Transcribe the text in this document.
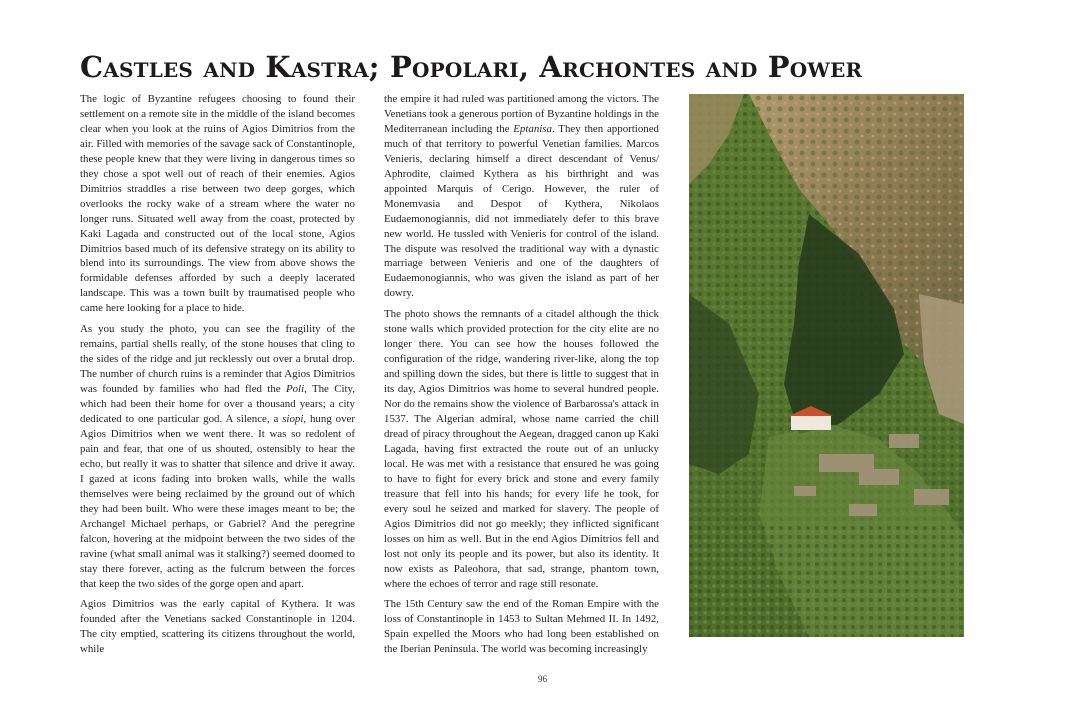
Castles and Kastra; Popolari, Archontes and Power

The logic of Byzantine refugees choosing to found their settlement on a remote site in the middle of the island becomes clear when you look at the ruins of Agios Dimitrios from the air. Filled with memories of the savage sack of Constantinople, these people knew that they were living in dangerous times so they chose a spot well out of reach of their enemies. Agios Dimitrios straddles a rise between two deep gorges, which overlooks the rocky wake of a stream where the water no longer runs. Situated well away from the coast, protected by Kaki Lagada and constructed out of the local stone, Agios Dimitrios based much of its defensive strategy on its ability to blend into its surroundings. The view from above shows the formidable defenses afforded by such a deeply lacerated landscape. This was a town built by traumatised people who came here looking for a place to hide.

As you study the photo, you can see the fragility of the remains, partial shells really, of the stone houses that cling to the sides of the ridge and jut recklessly out over a brutal drop. The number of church ruins is a reminder that Agios Dimitrios was founded by families who had fled the Poli, The City, which had been their home for over a thousand years; a city dedicated to one particular god. A silence, a siopi, hung over Agios Dimitrios when we went there. It was so redolent of pain and fear, that one of us shouted, ostensibly to hear the echo, but really it was to shatter that silence and drive it away. I gazed at icons fading into broken walls, while the walls themselves were being reclaimed by the ground out of which they had been built. Who were these images meant to be; the Archangel Michael perhaps, or Gabriel? And the peregrine falcon, hovering at the midpoint between the two sides of the ravine (what small animal was it stalking?) seemed doomed to stay there forever, acting as the fulcrum between the forces that keep the two sides of the gorge open and apart.

Agios Dimitrios was the early capital of Kythera. It was founded after the Venetians sacked Constantinople in 1204. The city emptied, scattering its citizens throughout the world, while

the empire it had ruled was partitioned among the victors. The Venetians took a generous portion of Byzantine holdings in the Mediterranean including the Eptanisa. They then apportioned much of that territory to powerful Venetian families. Marcos Venieris, declaring himself a direct descendant of Venus/ Aphrodite, claimed Kythera as his birthright and was appointed Marquis of Cerigo. However, the ruler of Monemvasia and Despot of Kythera, Nikolaos Eudaemonogiannis, did not immediately defer to this brave new world. He tussled with Venieris for control of the island. The dispute was resolved the traditional way with a dynastic marriage between Venieris and one of the daughters of Eudaemonogiannis, who was given the island as part of her dowry.

The photo shows the remnants of a citadel although the thick stone walls which provided protection for the city elite are no longer there. You can see how the houses followed the configuration of the ridge, wandering river-like, along the top and spilling down the sides, but there is little to suggest that in its day, Agios Dimitrios was home to several hundred people. Nor do the remains show the violence of Barbarossa's attack in 1537. The Algerian admiral, whose name carried the chill dread of piracy throughout the Aegean, dragged canon up Kaki Lagada, having first extracted the route out of an unlucky local. He was met with a resistance that ensured he was going to have to fight for every brick and stone and every family treasure that fell into his hands; for every life he took, for every soul he seized and marked for slavery. The people of Agios Dimitrios did not go meekly; they inflicted significant losses on him as well. But in the end Agios Dimitrios fell and lost not only its people and its power, but also its identity. It now exists as Paleohora, that sad, strange, phantom town, where the echoes of terror and rage still resonate.

The 15th Century saw the end of the Roman Empire with the loss of Constantinople in 1453 to Sultan Mehmed II. In 1492, Spain expelled the Moors who had long been established on the Iberian Peninsula. The world was becoming increasingly

96
